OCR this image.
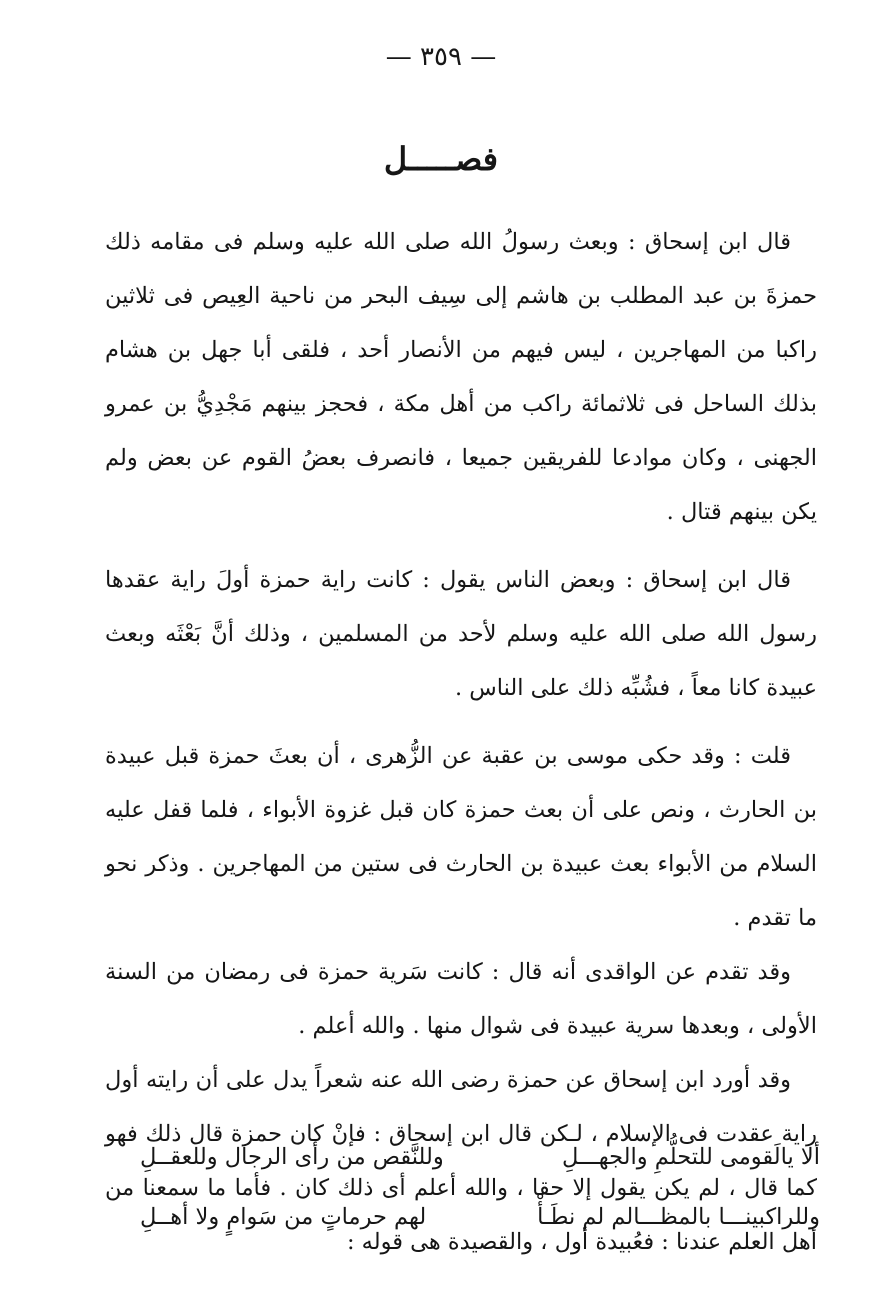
— ٣٥٩ —
فصـــــل

قال ابن إسحاق : وبعث رسولُ الله صلى الله عليه وسلم فى مقامه ذلك حمزةَ بن عبد المطلب بن هاشم إلى سِيف البحر من ناحية العِيص فى ثلاثين راكبا من المهاجرين ، ليس فيهم من الأنصار أحد ، فلقى أبا جهل بن هشام بذلك الساحل فى ثلاثمائة راكب من أهل مكة ، فحجز بينهم مَجْدِيُّ بن عمرو الجهنى ، وكان موادعا للفريقين جميعا ، فانصرف بعضُ القوم عن بعض ولم يكن بينهم قتال .

قال ابن إسحاق : وبعض الناس يقول : كانت راية حمزة أولَ راية عقدها رسول الله صلى الله عليه وسلم لأحد من المسلمين ، وذلك أنَّ بَعْثَه وبعث عبيدة كانا معاً ، فشُبِّه ذلك على الناس .

قلت : وقد حكى موسى بن عقبة عن الزُّهرى ، أن بعثَ حمزة قبل عبيدة بن الحارث ، ونص على أن بعث حمزة كان قبل غزوة الأبواء ، فلما قفل عليه السلام من الأبواء بعث عبيدة بن الحارث فى ستين من المهاجرين . وذكر نحو ما تقدم .

وقد تقدم عن الواقدى أنه قال : كانت سَرية حمزة فى رمضان من السنة الأولى ، وبعدها سرية عبيدة فى شوال منها . والله أعلم .

وقد أورد ابن إسحاق عن حمزة رضى الله عنه شعراً يدل على أن رايته أول راية عقدت فى الإسلام ، لـكن قال ابن إسحاق : فإنْ كان حمزة قال ذلك فهو كما قال ، لم يكن يقول إلا حقا ، والله أعلم أى ذلك كان . فأما ما سمعنا من أهل العلم عندنا : فعُبيدة أول ، والقصيدة هى قوله :

ألا يالَقومى للتحلُّمِ والجهـــلِ
وللنَّقص من رأى الرجال وللعقــلِ
وللراكبينـــا بالمظـــالم لم نطَـأْ
لهم حرماتٍ من سَوامٍ ولا أهــلِ
